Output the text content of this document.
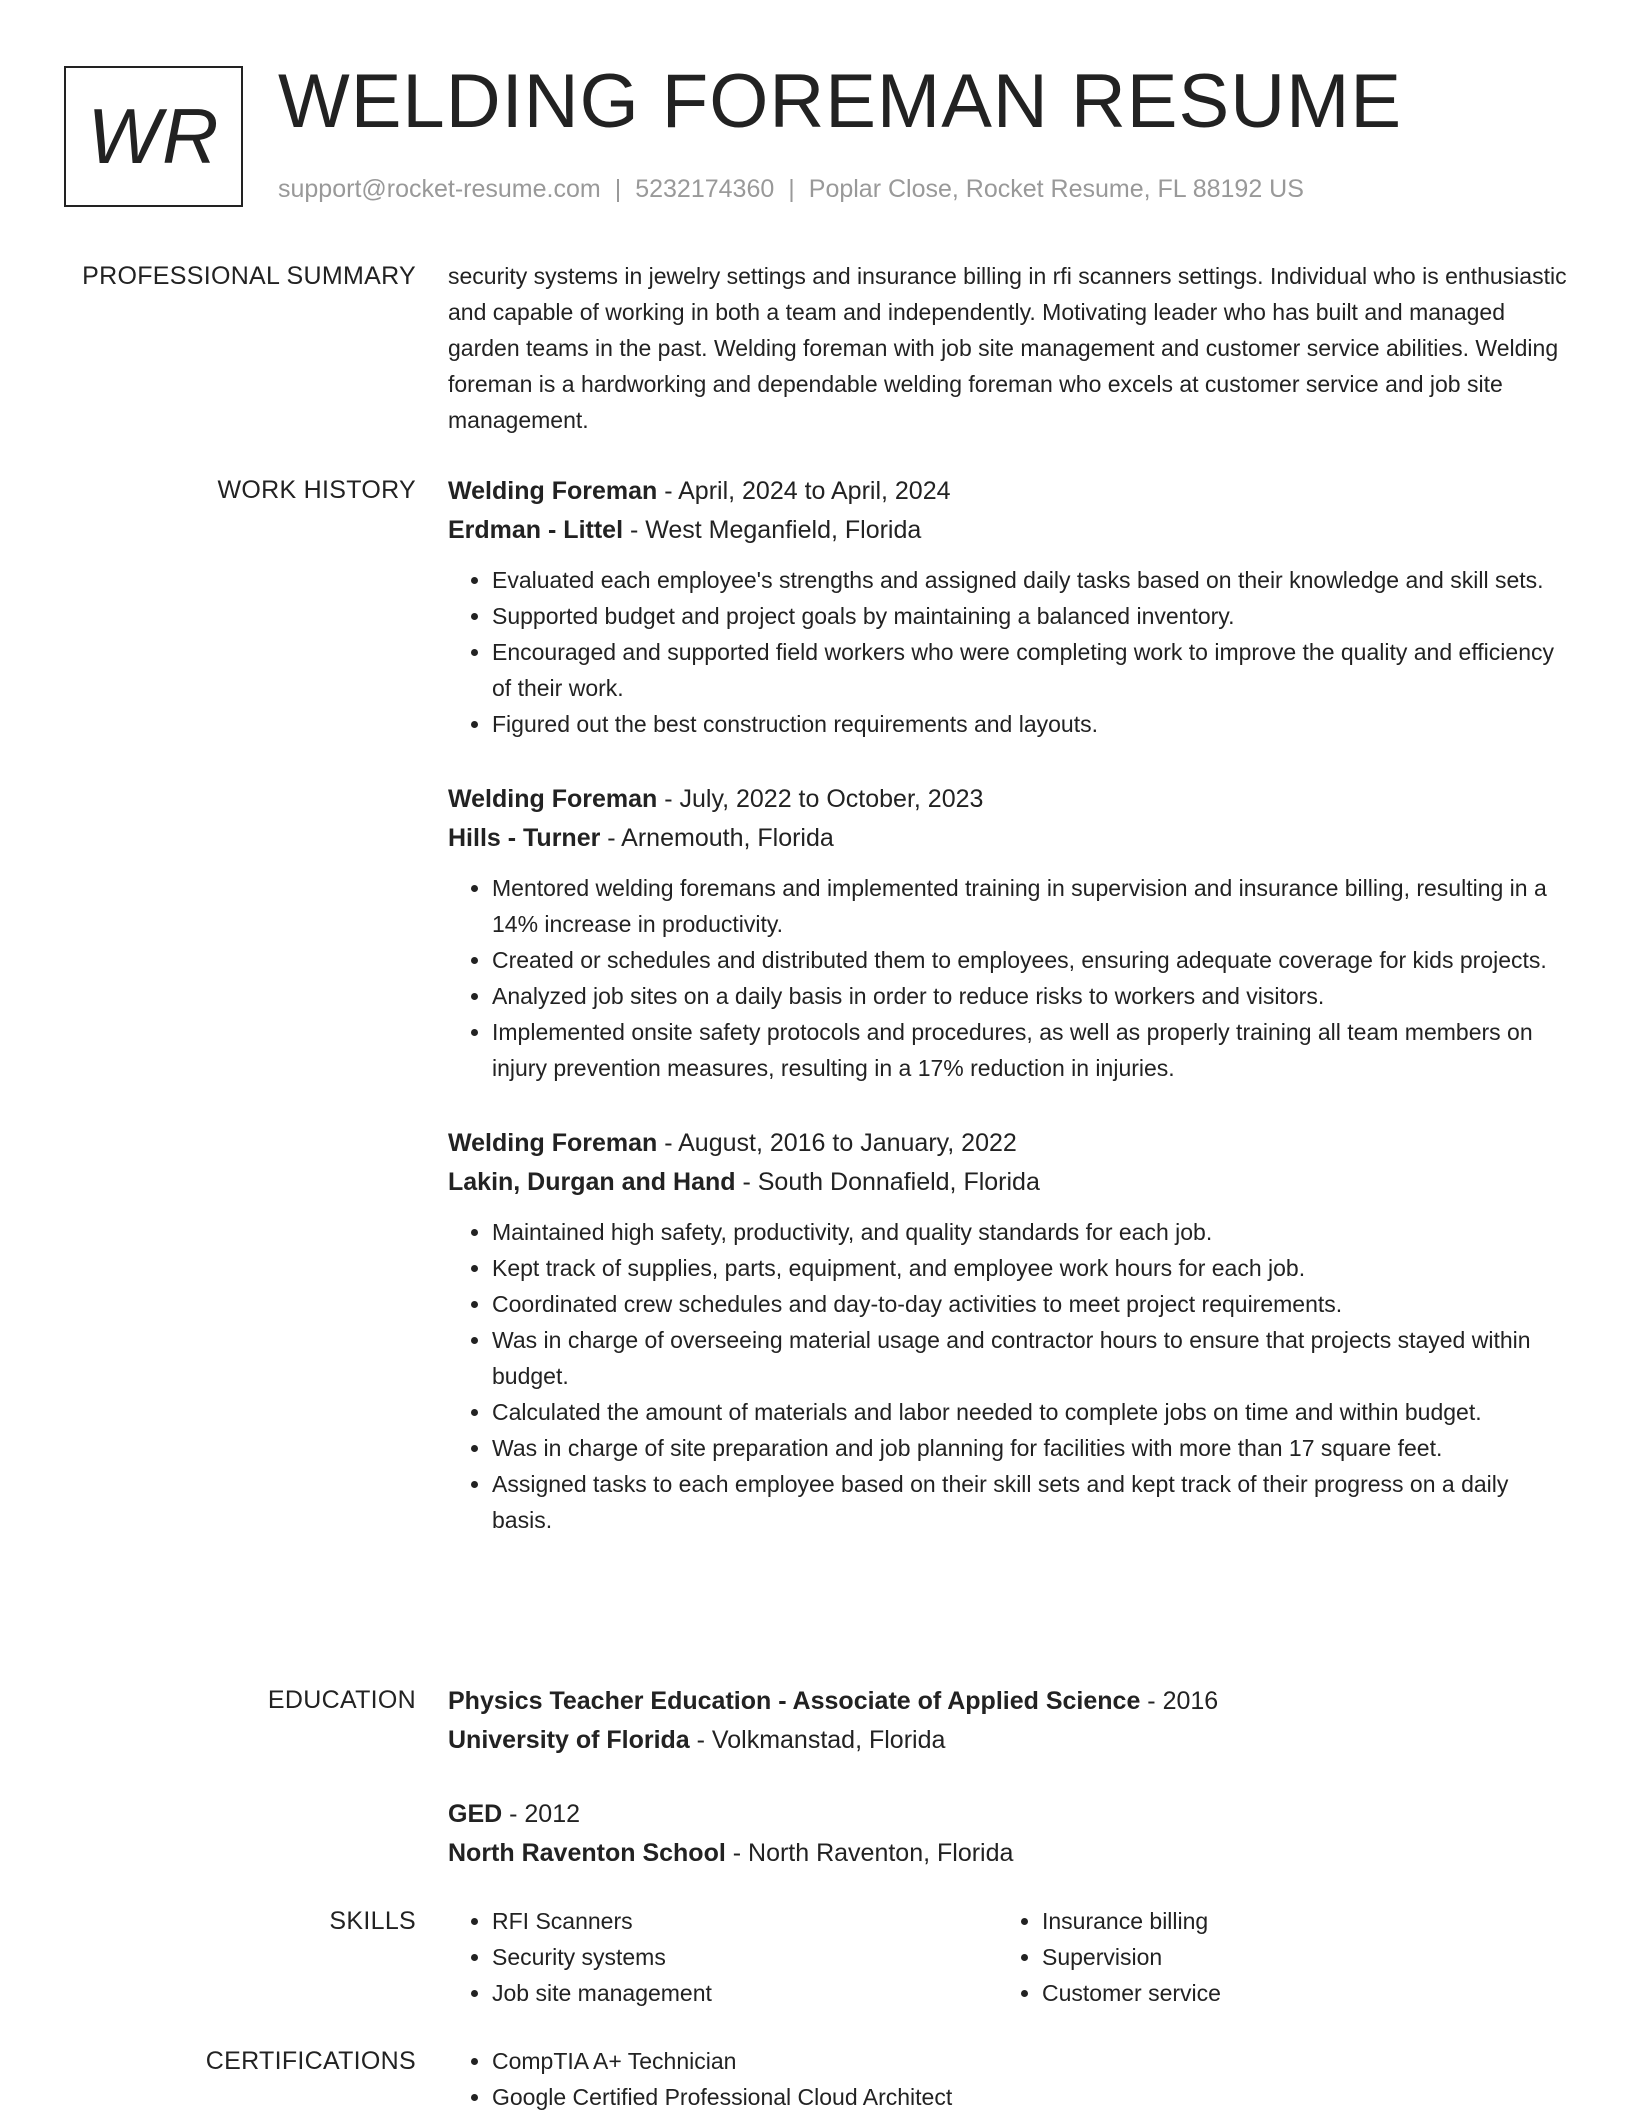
WR WELDING FOREMAN RESUME
support@rocket-resume.com | 5232174360 | Poplar Close, Rocket Resume, FL 88192 US
PROFESSIONAL SUMMARY security systems in jewelry settings and insurance billing in rfi scanners settings. Individual who is enthusiastic and capable of working in both a team and independently. Motivating leader who has built and managed garden teams in the past. Welding foreman with job site management and customer service abilities. Welding foreman is a hardworking and dependable welding foreman who excels at customer service and job site management.

WORK HISTORY Welding Foreman - April, 2024 to April, 2024

Erdman - Littel - West Meganfield, Florida

• Evaluated each employee's strengths and assigned daily tasks based on their knowledge and skill sets.
• Supported budget and project goals by maintaining a balanced inventory.
• Encouraged and supported field workers who were completing work to improve the quality and efficiency of their work.
• Figured out the best construction requirements and layouts.

Welding Foreman - July, 2022 to October, 2023

Hills - Turner - Arnemouth, Florida

• Mentored welding foremans and implemented training in supervision and insurance billing, resulting in a 14% increase in productivity.
• Created or schedules and distributed them to employees, ensuring adequate coverage for kids projects.
• Analyzed job sites on a daily basis in order to reduce risks to workers and visitors.
• Implemented onsite safety protocols and procedures, as well as properly training all team members on injury prevention measures, resulting in a 17% reduction in injuries.

Welding Foreman - August, 2016 to January, 2022

Lakin, Durgan and Hand - South Donnafield, Florida

• Maintained high safety, productivity, and quality standards for each job.
• Kept track of supplies, parts, equipment, and employee work hours for each job.
• Coordinated crew schedules and day-to-day activities to meet project requirements.
• Was in charge of overseeing material usage and contractor hours to ensure that projects stayed within budget.
• Calculated the amount of materials and labor needed to complete jobs on time and within budget.
• Was in charge of site preparation and job planning for facilities with more than 17 square feet.
• Assigned tasks to each employee based on their skill sets and kept track of their progress on a daily basis.
EDUCATION Physics Teacher Education - Associate of Applied Science - 2016

University of Florida - Volkmanstad, Florida

GED - 2012

North Raventon School - North Raventon, Florida

SKILLS	• RFI Scanners
• Security systems
• Job site management
• Insurance billing
• Supervision
• Customer service
CERTIFICATIONS	• CompTIA A+ Technician
• Google Certified Professional Cloud Architect
